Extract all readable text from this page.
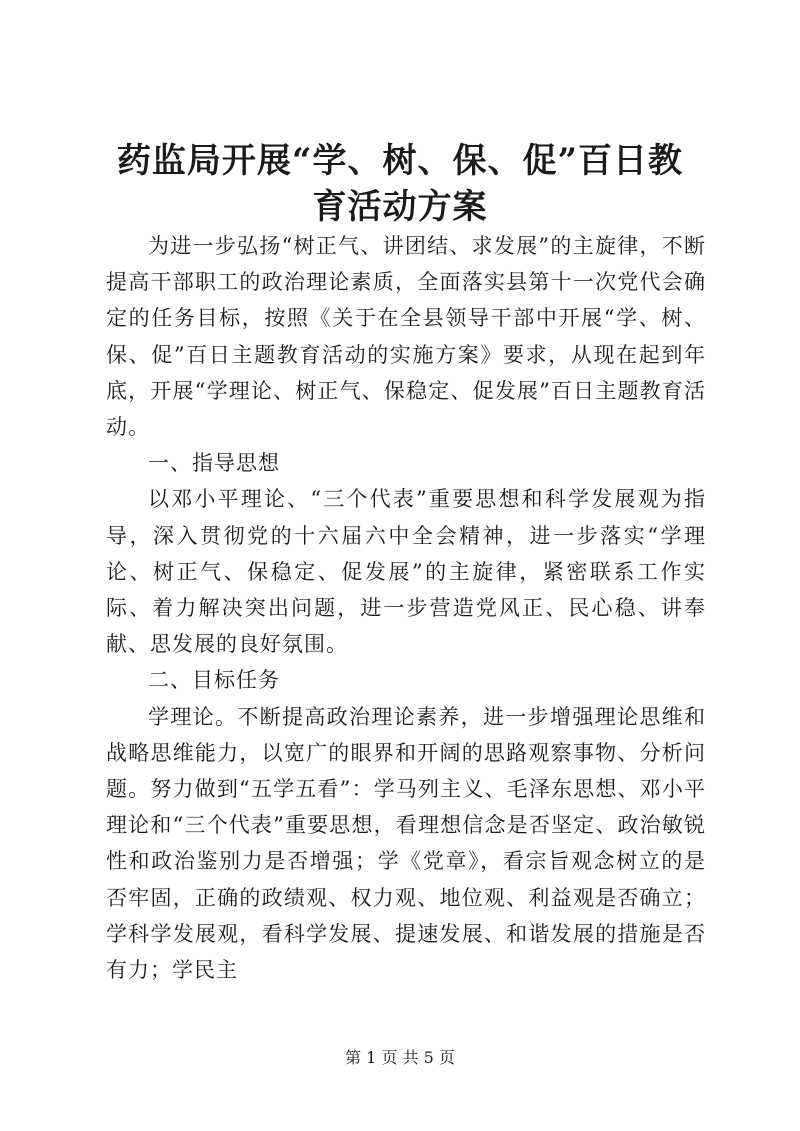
药监局开展“学、树、保、促”百日教育活动方案

为进一步弘扬“树正气、讲团结、求发展”的主旋律，不断提高干部职工的政治理论素质，全面落实县第十一次党代会确定的任务目标，按照《关于在全县领导干部中开展“学、树、保、促”百日主题教育活动的实施方案》要求，从现在起到年底，开展“学理论、树正气、保稳定、促发展”百日主题教育活动。

一、指导思想

以邓小平理论、“三个代表”重要思想和科学发展观为指导，深入贯彻党的十六届六中全会精神，进一步落实“学理论、树正气、保稳定、促发展”的主旋律，紧密联系工作实际、着力解决突出问题，进一步营造党风正、民心稳、讲奉献、思发展的良好氛围。

二、目标任务

学理论。不断提高政治理论素养，进一步增强理论思维和战略思维能力，以宽广的眼界和开阔的思路观察事物、分析问题。努力做到“五学五看”：学马列主义、毛泽东思想、邓小平理论和“三个代表”重要思想，看理想信念是否坚定、政治敏锐性和政治鉴别力是否增强；学《党章》，看宗旨观念树立的是否牢固，正确的政绩观、权力观、地位观、利益观是否确立；学科学发展观，看科学发展、提速发展、和谐发展的措施是否有力；学民主

第 1 页 共 5 页
